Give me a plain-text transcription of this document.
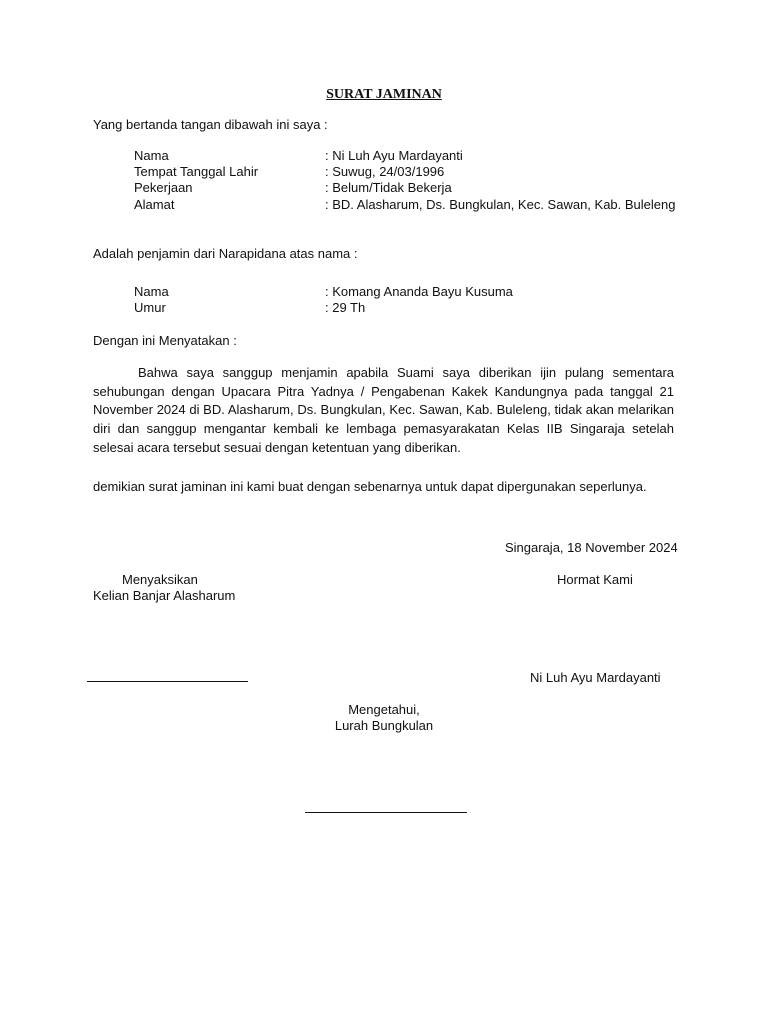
SURAT JAMINAN
Yang bertanda tangan dibawah ini saya :
Nama	: Ni Luh Ayu Mardayanti
Tempat Tanggal Lahir	: Suwug, 24/03/1996
Pekerjaan	: Belum/Tidak Bekerja
Alamat	: BD. Alasharum, Ds. Bungkulan, Kec. Sawan, Kab. Buleleng
Adalah penjamin dari Narapidana atas nama :
Nama	: Komang Ananda Bayu Kusuma
Umur	: 29 Th
Dengan ini Menyatakan :
Bahwa saya sanggup menjamin apabila Suami saya diberikan ijin pulang sementara sehubungan dengan Upacara Pitra Yadnya / Pengabenan Kakek Kandungnya pada tanggal 21 November 2024 di BD. Alasharum, Ds. Bungkulan, Kec. Sawan, Kab. Buleleng, tidak akan melarikan diri dan sanggup mengantar kembali ke lembaga pemasyarakatan Kelas IIB Singaraja setelah selesai acara tersebut sesuai dengan ketentuan yang diberikan.
demikian surat jaminan ini kami buat dengan sebenarnya untuk dapat dipergunakan seperlunya.
Singaraja, 18 November 2024
Menyaksikan
Kelian Banjar Alasharum
Hormat Kami
Ni Luh Ayu Mardayanti
Mengetahui,
Lurah Bungkulan
